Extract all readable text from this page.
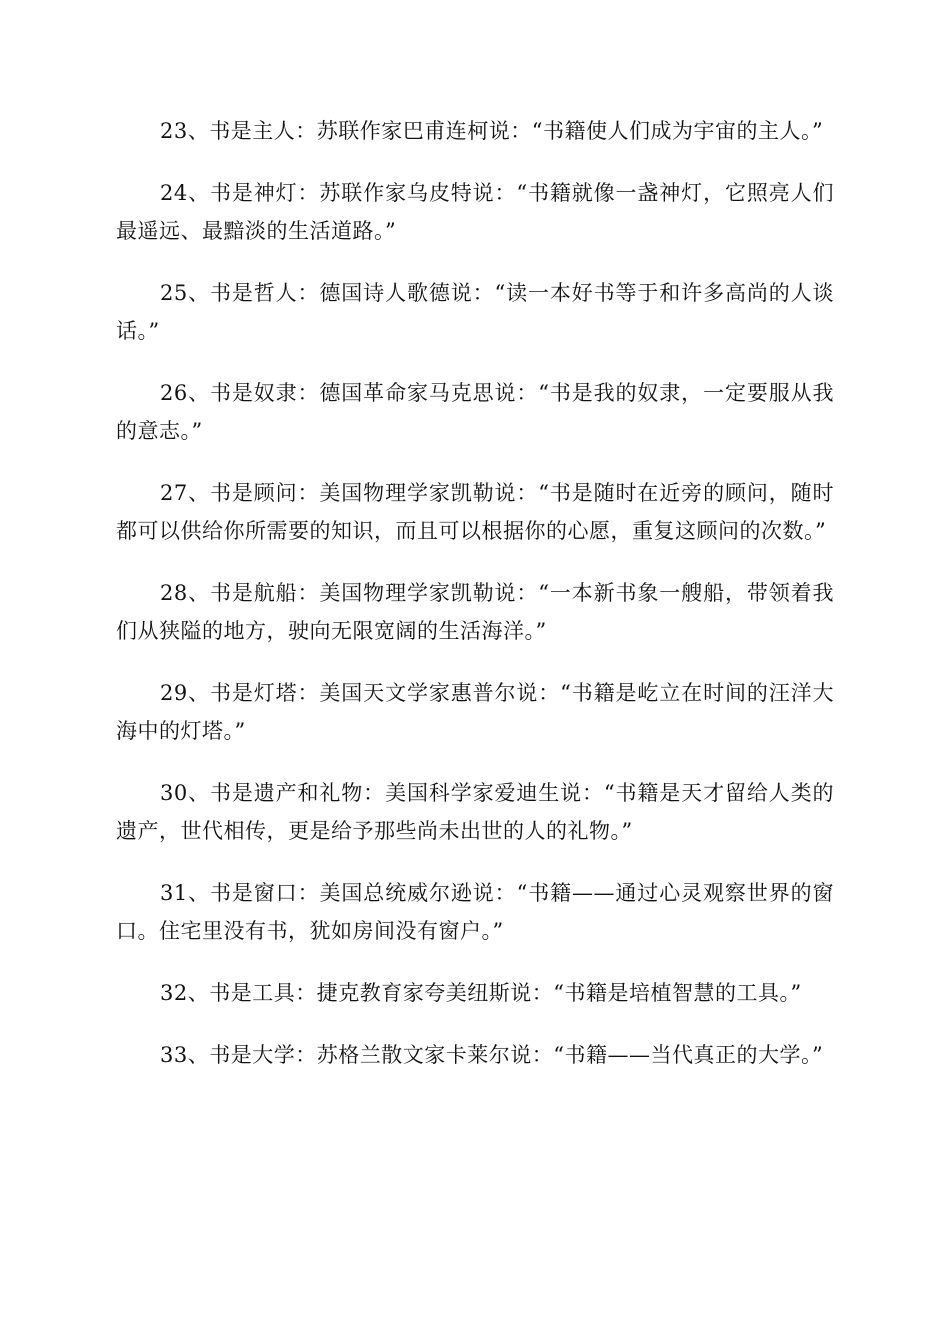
23、书是主人：苏联作家巴甫连柯说：“书籍使人们成为宇宙的主人。”

24、书是神灯：苏联作家乌皮特说：“书籍就像一盏神灯，它照亮人们最遥远、最黯淡的生活道路。”

25、书是哲人：德国诗人歌德说：“读一本好书等于和许多高尚的人谈话。”

26、书是奴隶：德国革命家马克思说：“书是我的奴隶，一定要服从我的意志。”

27、书是顾问：美国物理学家凯勒说：“书是随时在近旁的顾问，随时都可以供给你所需要的知识，而且可以根据你的心愿，重复这顾问的次数。”

28、书是航船：美国物理学家凯勒说：“一本新书象一艘船，带领着我们从狭隘的地方，驶向无限宽阔的生活海洋。”

29、书是灯塔：美国天文学家惠普尔说：“书籍是屹立在时间的汪洋大海中的灯塔。”

30、书是遗产和礼物：美国科学家爱迪生说：“书籍是天才留给人类的遗产，世代相传，更是给予那些尚未出世的人的礼物。”

31、书是窗口：美国总统威尔逊说：“书籍——通过心灵观察世界的窗口。住宅里没有书，犹如房间没有窗户。”

32、书是工具：捷克教育家夸美纽斯说：“书籍是培植智慧的工具。”

33、书是大学：苏格兰散文家卡莱尔说：“书籍——当代真正的大学。”
